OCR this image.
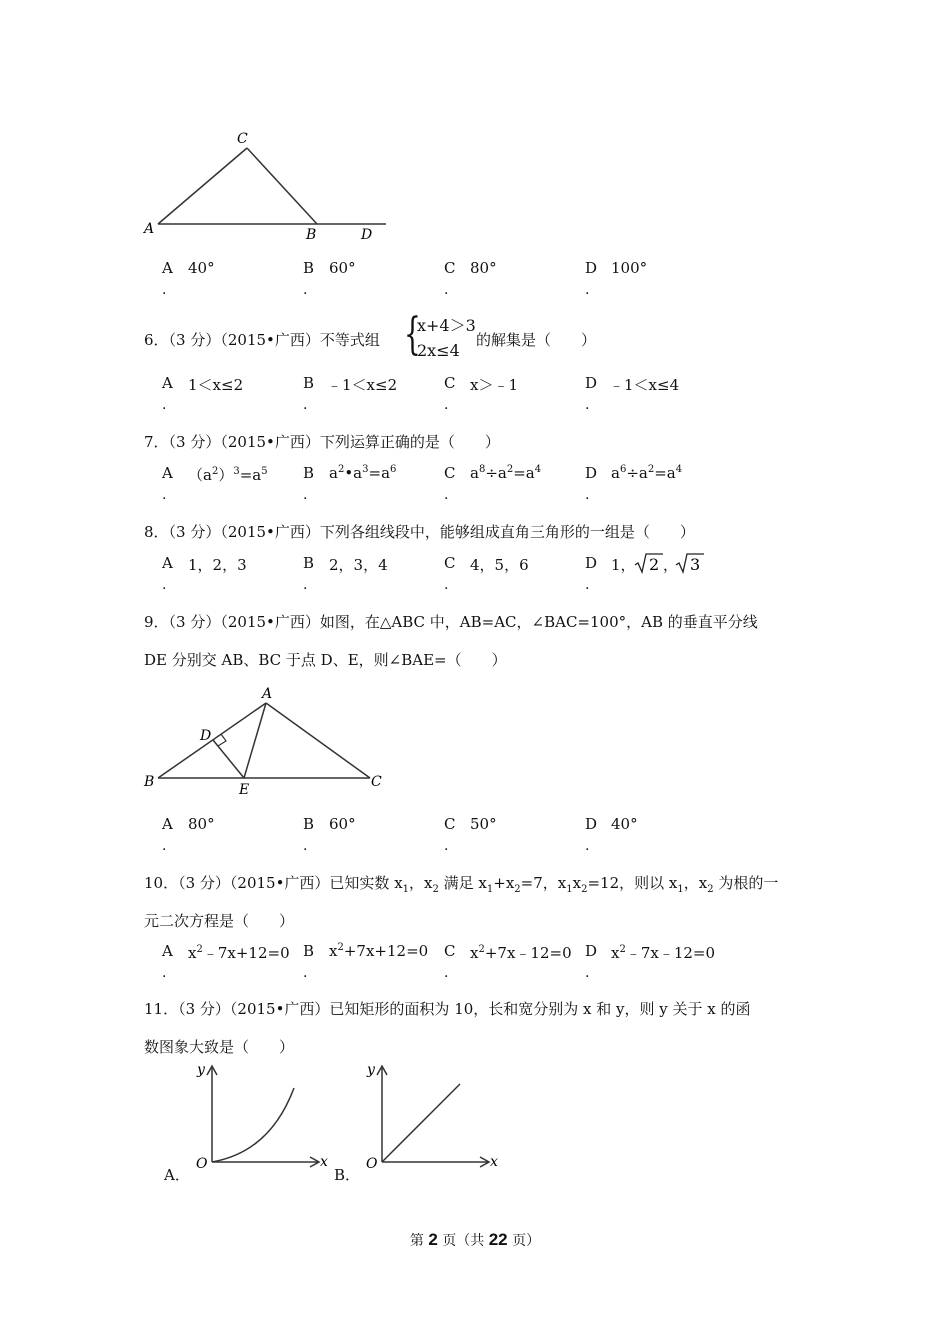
C
A	B	D
A 40°
.
B 60°
.
C 80°
.
D 100°
.
6．（3 分）（2015•广西）不等式组 {
x+4＞3
2x≤4
的解集是（　　）
A 1＜x≤2
.
B ﹣1＜x≤2
.
C x＞﹣1
.
D ﹣1＜x≤4
.
7．（3 分）（2015•广西）下列运算正确的是（　　）
A $(a^2)^3=a^5$
.
B $a^2•a^3=a^6$
.
C $a^8\div a^2=a^4$
.
D $a^6\div a^2=a^4$
.
8．（3 分）（2015•广西）下列各组线段中，能够组成直角三角形的一组是（　　）
A 1，2，3
.
B 2，3，4
.
C 4，5，6
.
D 1， 2 ， 3
.
9．（3 分）（2015•广西）如图，在△ABC 中，AB=AC，∠BAC=100°，AB 的垂直平分线
DE 分别交 AB、BC 于点 D、E，则∠BAE=（　　）
A
D
B	E	C
A 80°
.
B 60°
.
C 50°
.
D 40°
.
10．（3 分）（2015•广西）已知实数 $x_1$，$x_2$ 满足 $x_1+x_2=7$，$x_1x_2=12$，则以 $x_1$，$x_2$ 为根的一
元二次方程是（　　）
A $x^2﹣7x+12=0$
.
B $x^2+7x+12=0$
.
C $x^2+7x﹣12=0$
.
D $x^2﹣7x﹣12=0$
.
11．（3 分）（2015•广西）已知矩形的面积为 10，长和宽分别为 x 和 y，则 y 关于 x 的函
数图象大致是（　　）
A．
y
x
O
B．
y
x
O
第 2 页（共 22 页）
